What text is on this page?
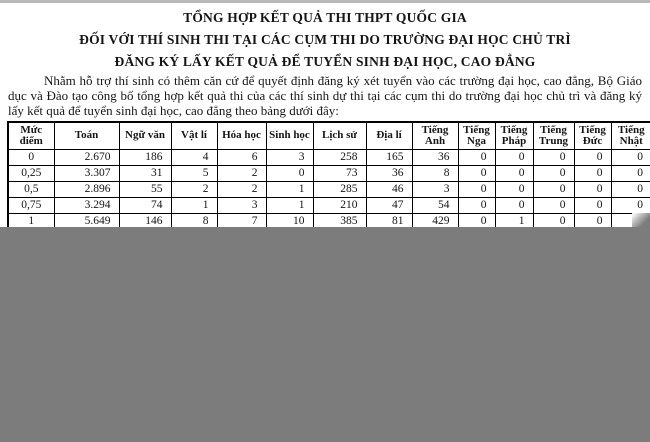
TỔNG HỢP KẾT QUẢ THI THPT QUỐC GIA
ĐỐI VỚI THÍ SINH THI TẠI CÁC CỤM THI DO TRƯỜNG ĐẠI HỌC CHỦ TRÌ
ĐĂNG KÝ LẤY KẾT QUẢ ĐỂ TUYỂN SINH ĐẠI HỌC, CAO ĐẲNG

Nhằm hỗ trợ thí sinh có thêm căn cứ để quyết định đăng ký xét tuyển vào các trường đại học, cao đẳng, Bộ Giáo dục và Đào tạo công bố tổng hợp kết quả thi của các thí sinh dự thi tại các cụm thi do trường đại học chủ trì và đăng ký lấy kết quả để tuyển sinh đại học, cao đẳng theo bảng dưới đây:

Mức điểm	Toán	Ngữ văn	Vật lí	Hóa học	Sinh học	Lịch sử	Địa lí	Tiếng Anh	Tiếng Nga	Tiếng Pháp	Tiếng Trung	Tiếng Đức	Tiếng Nhật
0	2.670	186	4	6	3	258	165	36	0	0	0	0	0
0,25	3.307	31	5	2	0	73	36	8	0	0	0	0	0
0,5	2.896	55	2	2	1	285	46	3	0	0	0	0	0
0,75	3.294	74	1	3	1	210	47	54	0	0	0	0	0
1	5.649	146	8	7	10	385	81	429	0	1	0	0	
